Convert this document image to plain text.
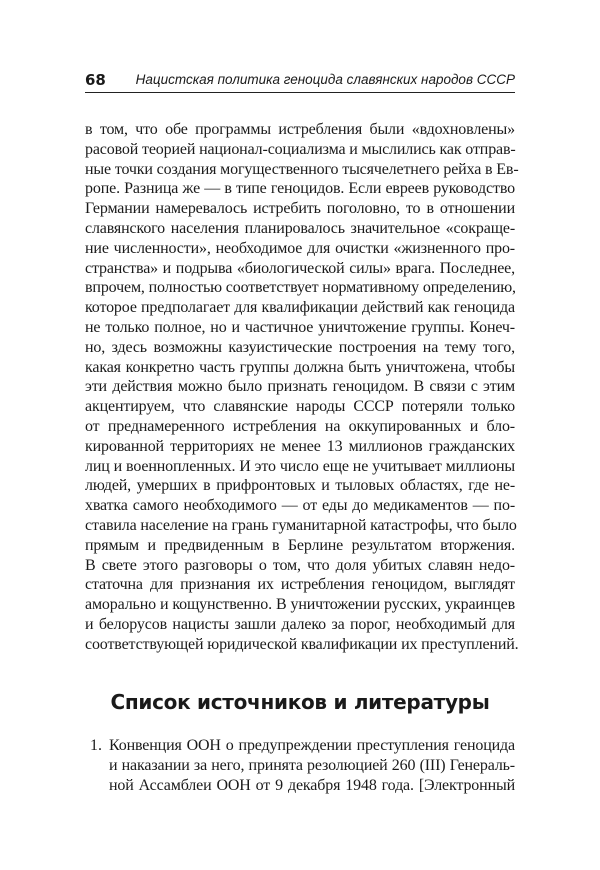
68 Нацистская политика геноцида славянских народов СССР
в том, что обе программы истребления были «вдохновлены»
расовой теорией национал-социализма и мыслились как отправ-
ные точки создания могущественного тысячелетнего рейха в Ев-
ропе. Разница же — в типе геноцидов. Если евреев руководство
Германии намеревалось истребить поголовно, то в отношении
славянского населения планировалось значительное «сокраще-
ние численности», необходимое для очистки «жизненного про-
странства» и подрыва «биологической силы» врага. Последнее,
впрочем, полностью соответствует нормативному определению,
которое предполагает для квалификации действий как геноцида
не только полное, но и частичное уничтожение группы. Конеч-
но, здесь возможны казуистические построения на тему того,
какая конкретно часть группы должна быть уничтожена, чтобы
эти действия можно было признать геноцидом. В связи с этим
акцентируем, что славянские народы СССР потеряли только
от преднамеренного истребления на оккупированных и бло-
кированной территориях не менее 13 миллионов гражданских
лиц и военнопленных. И это число еще не учитывает миллионы
людей, умерших в прифронтовых и тыловых областях, где не-
хватка самого необходимого — от еды до медикаментов — по-
ставила население на грань гуманитарной катастрофы, что было
прямым и предвиденным в Берлине результатом вторжения.
В свете этого разговоры о том, что доля убитых славян недо-
статочна для признания их истребления геноцидом, выглядят
аморально и кощунственно. В уничтожении русских, украинцев
и белорусов нацисты зашли далеко за порог, необходимый для
соответствующей юридической квалификации их преступлений.
Список источников и литературы
1. Конвенция ООН о предупреждении преступления геноцида
и наказании за него, принята резолюцией 260 (III) Генераль-
ной Ассамблеи ООН от 9 декабря 1948 года. [Электронный
